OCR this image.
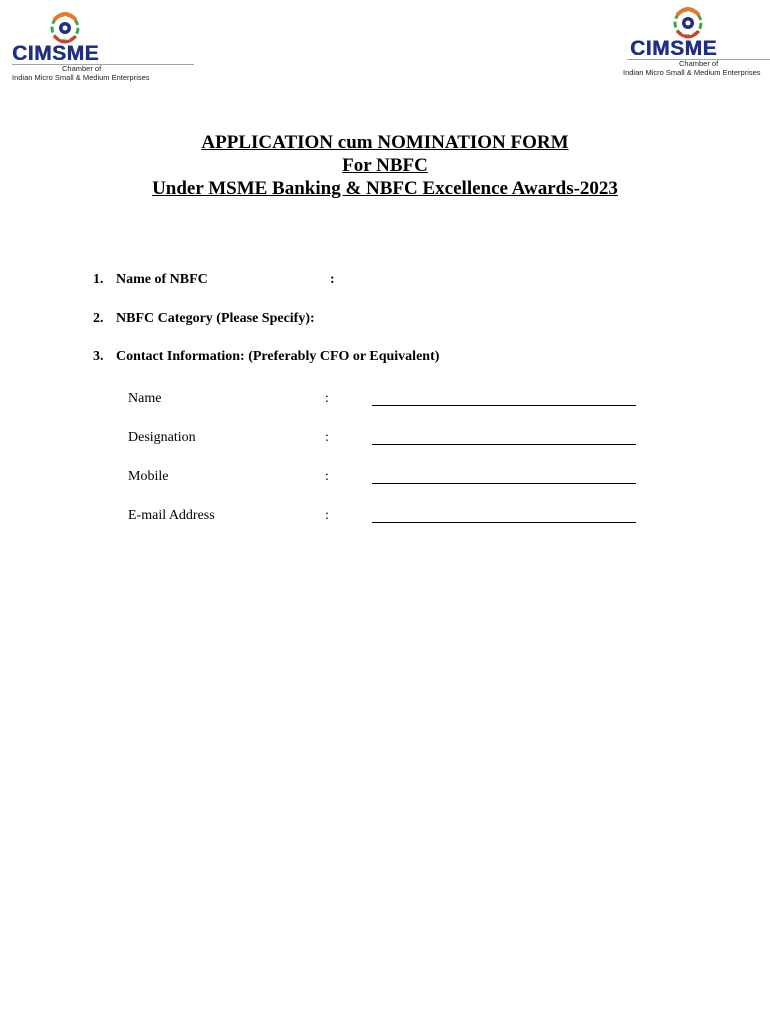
CIMSME
Chamber of
Indian Micro Small & Medium Enterprises
CIMSME
Chamber of
Indian Micro Small & Medium Enterprises
APPLICATION cum NOMINATION FORM
For NBFC
Under MSME Banking & NBFC Excellence Awards-2023
1. Name of NBFC	:
2. NBFC Category (Please Specify):
3. Contact Information: (Preferably CFO or Equivalent)
Name	:
Designation	:
Mobile	:
E-mail Address	:
